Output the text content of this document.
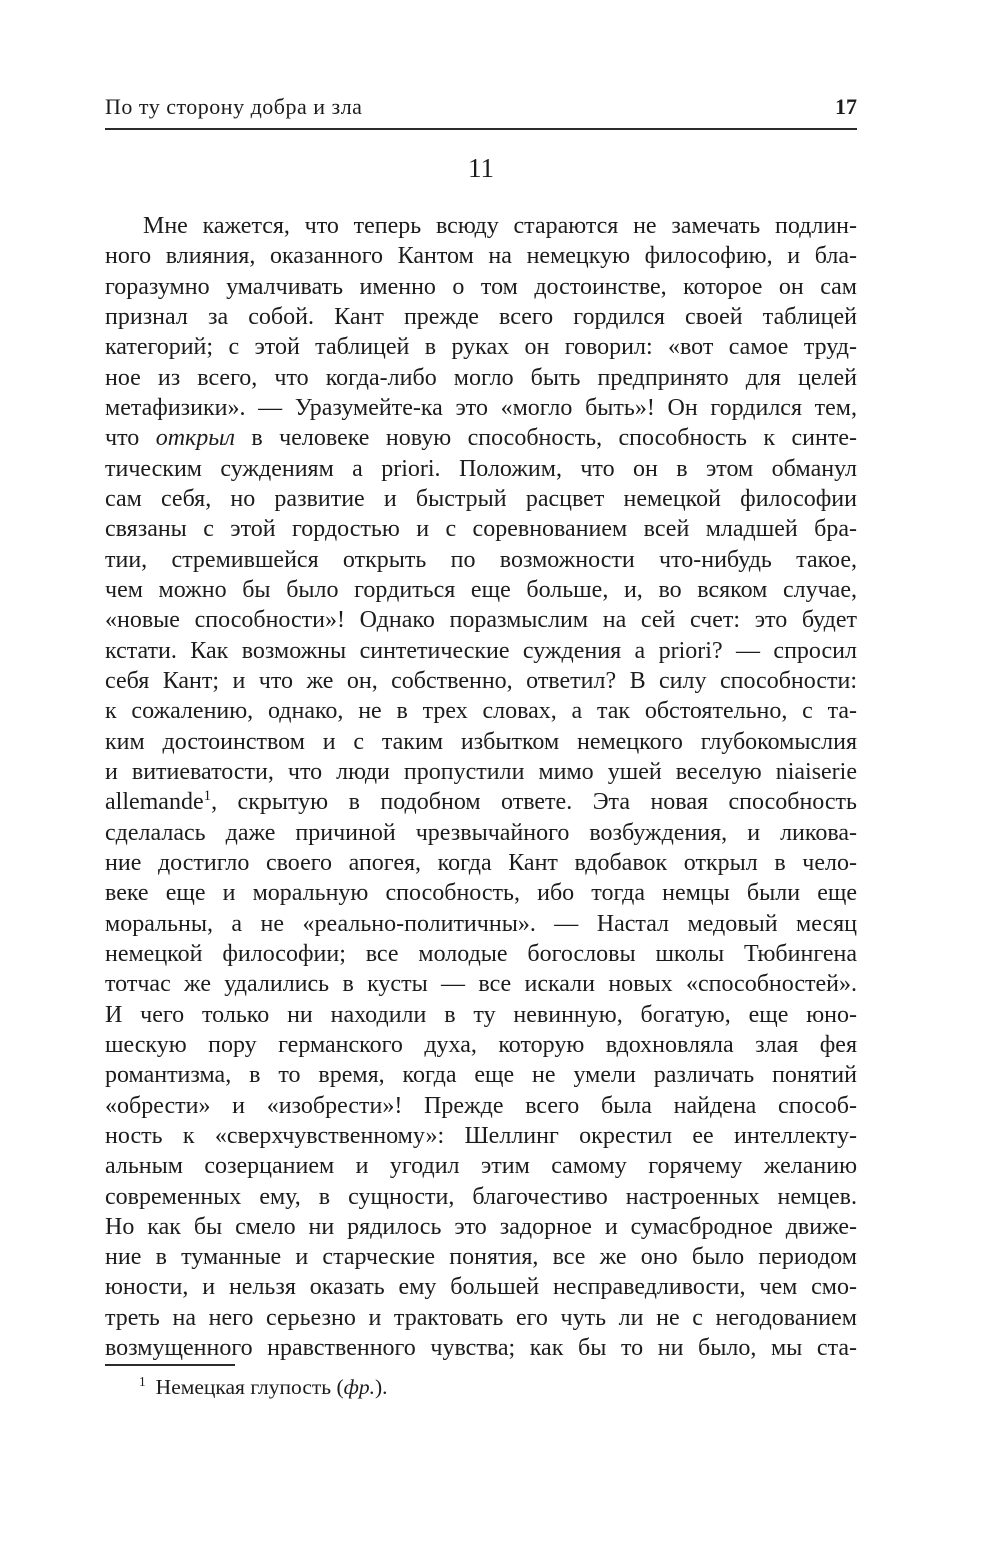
По ту сторону добра и зла	17
11
Мне кажется, что теперь всюду стараются не замечать подлин-
ного влияния, оказанного Кантом на немецкую философию, и бла-
горазумно умалчивать именно о том достоинстве, которое он сам
признал за собой. Кант прежде всего гордился своей таблицей
категорий; с этой таблицей в руках он говорил: «вот самое труд-
ное из всего, что когда-либо могло быть предпринято для целей
метафизики». — Уразумейте-ка это «могло быть»! Он гордился тем,
что открыл в человеке новую способность, способность к синте-
тическим суждениям a priori. Положим, что он в этом обманул
сам себя, но развитие и быстрый расцвет немецкой философии
связаны с этой гордостью и с соревнованием всей младшей бра-
тии, стремившейся открыть по возможности что-нибудь такое,
чем можно бы было гордиться еще больше, и, во всяком случае,
«новые способности»! Однако поразмыслим на сей счет: это будет
кстати. Как возможны синтетические суждения a priori? — спросил
себя Кант; и что же он, собственно, ответил? В силу способности:
к сожалению, однако, не в трех словах, а так обстоятельно, с та-
ким достоинством и с таким избытком немецкого глубокомыслия
и витиеватости, что люди пропустили мимо ушей веселую niaiserie
allemande$^1$, скрытую в подобном ответе. Эта новая способность
сделалась даже причиной чрезвычайного возбуждения, и ликова-
ние достигло своего апогея, когда Кант вдобавок открыл в чело-
веке еще и моральную способность, ибо тогда немцы были еще
моральны, а не «реально-политичны». — Настал медовый месяц
немецкой философии; все молодые богословы школы Тюбингена
тотчас же удалились в кусты — все искали новых «способностей».
И чего только ни находили в ту невинную, богатую, еще юно-
шескую пору германского духа, которую вдохновляла злая фея
романтизма, в то время, когда еще не умели различать понятий
«обрести» и «изобрести»! Прежде всего была найдена способ-
ность к «сверхчувственному»: Шеллинг окрестил ее интеллекту-
альным созерцанием и угодил этим самому горячему желанию
современных ему, в сущности, благочестиво настроенных немцев.
Но как бы смело ни рядилось это задорное и сумасбродное движе-
ние в туманные и старческие понятия, все же оно было периодом
юности, и нельзя оказать ему большей несправедливости, чем смо-
треть на него серьезно и трактовать его чуть ли не с негодованием
возмущенного нравственного чувства; как бы то ни было, мы ста-
$^1$ Немецкая глупость (фр.).
